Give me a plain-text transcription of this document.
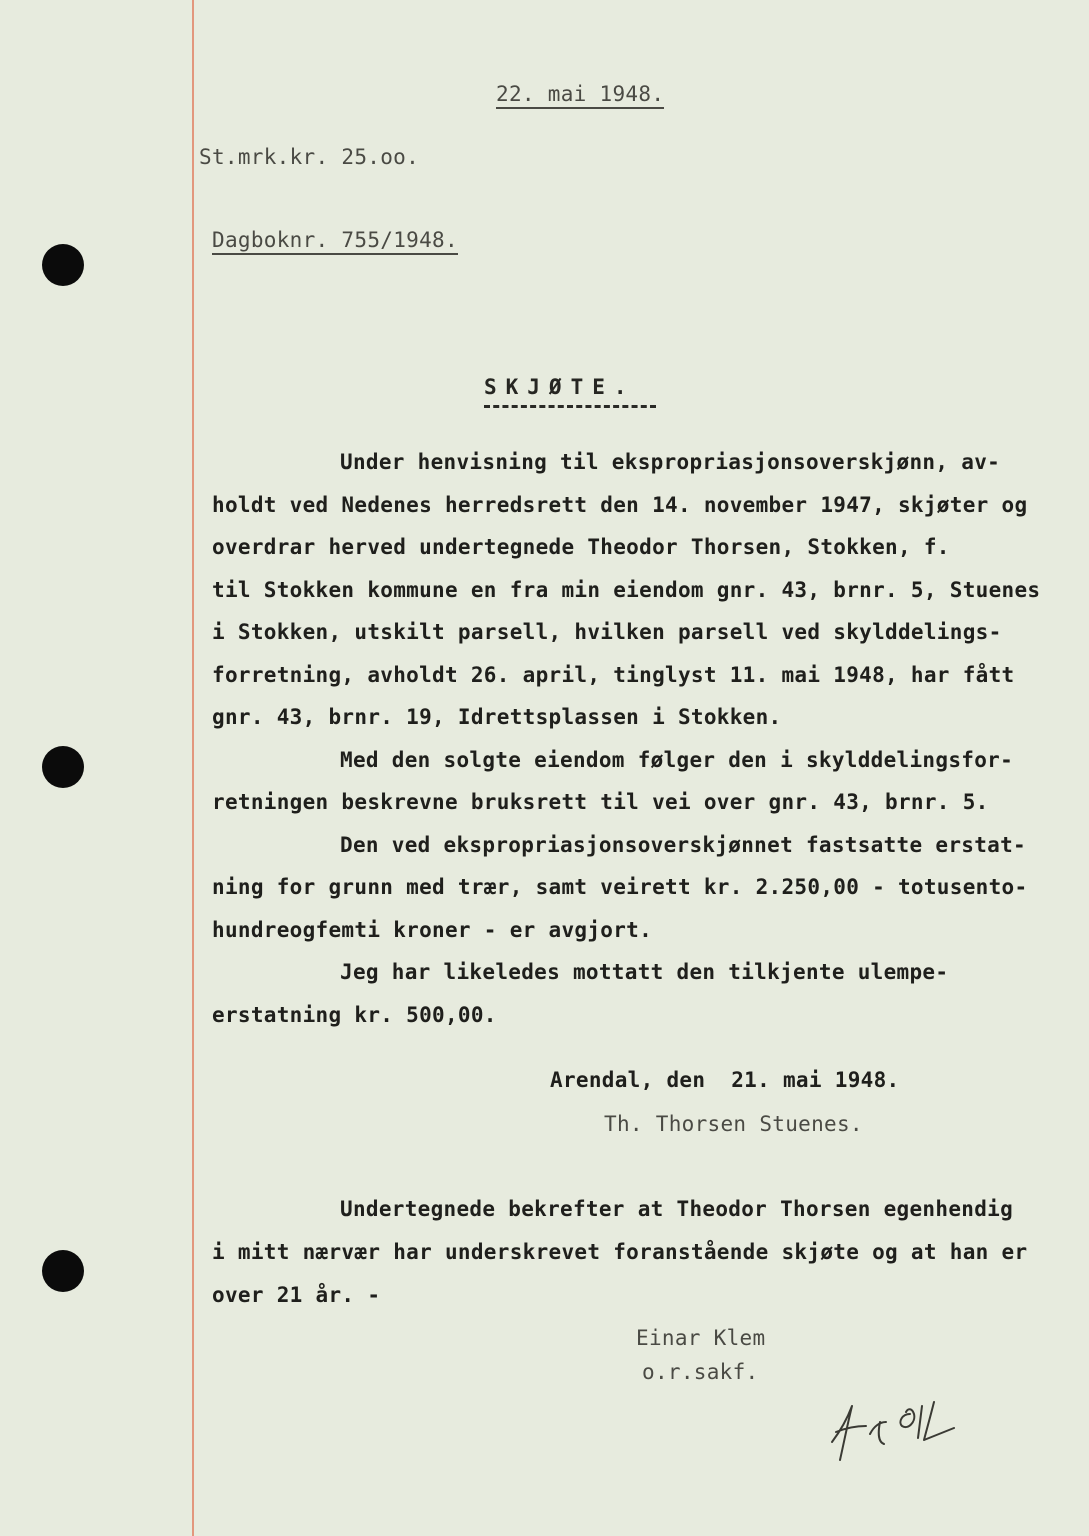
22. mai 1948.
St.mrk.kr. 25.oo.
Dagboknr. 755/1948.
SKJØTE.
Under henvisning til ekspropriasjonsoverskjønn, av-
holdt ved Nedenes herredsrett den 14. november 1947, skjøter og
overdrar herved undertegnede Theodor Thorsen, Stokken, f.
til Stokken kommune en fra min eiendom gnr. 43, brnr. 5, Stuenes
i Stokken, utskilt parsell, hvilken parsell ved skylddelings-
forretning, avholdt 26. april, tinglyst 11. mai 1948, har fått
gnr. 43, brnr. 19, Idrettsplassen i Stokken.
Med den solgte eiendom følger den i skylddelingsfor-
retningen beskrevne bruksrett til vei over gnr. 43, brnr. 5.
Den ved ekspropriasjonsoverskjønnet fastsatte erstat-
ning for grunn med trær, samt veirett kr. 2.250,00 - totusento-
hundreogfemti kroner - er avgjort.
Jeg har likeledes mottatt den tilkjente ulempe-
erstatning kr. 500,00.
Arendal, den  21. mai 1948.
Th. Thorsen Stuenes.
Undertegnede bekrefter at Theodor Thorsen egenhendig
i mitt nærvær har underskrevet foranstående skjøte og at han er
over 21 år. -
Einar Klem
o.r.sakf.
